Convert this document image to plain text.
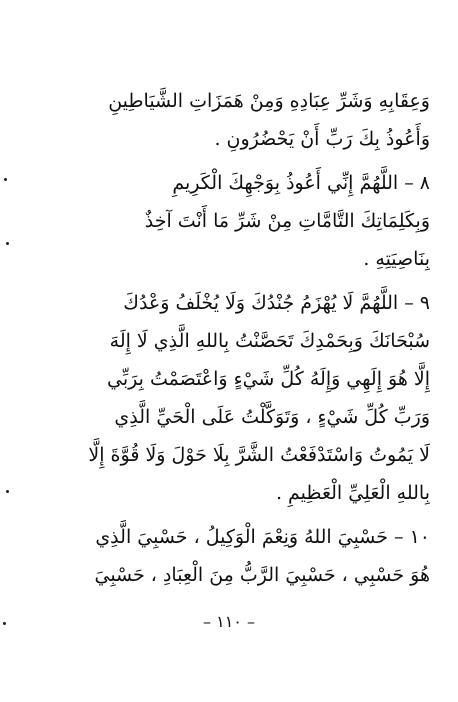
وَعِقَابِهِ وَشَرِّ عِبَادِهِ وَمِنْ هَمَزَاتِ الشَّيَاطِينِ
وَأَعُوذُ بِكَ رَبِّ أَنْ يَحْضُرُونِ .
٨ – اللَّهُمَّ إِنِّي أَعُوذُ بِوَجْهِكَ الْكَرِيمِ
وَبِكَلِمَاتِكَ التَّامَّاتِ مِنْ شَرِّ مَا أَنْتَ آخِذٌ
بِنَاصِيَتِهِ .
٩ – اللَّهُمَّ لَا يُهْزَمُ جُنْدُكَ وَلَا يُخْلَفُ وَعْدُكَ
سُبْحَانَكَ وَبِحَمْدِكَ تَحَصَّنْتُ بِاللهِ الَّذِي لَا إِلَهَ
إِلَّا هُوَ إِلَهِي وَإِلَهُ كُلِّ شَيْءٍ وَاعْتَصَمْتُ بِرَبِّي
وَرَبِّ كُلِّ شَيْءٍ ، وَتَوَكَّلْتُ عَلَى الْحَيِّ الَّذِي
لَا يَمُوتُ وَاسْتَدْفَعْتُ الشَّرَّ بِلَا حَوْلَ وَلَا قُوَّةَ إِلَّا
بِاللهِ الْعَلِيِّ الْعَظِيمِ .
١٠ – حَسْبِيَ اللهُ وَنِعْمَ الْوَكِيلُ ، حَسْبِيَ الَّذِي
هُوَ حَسْبِي ، حَسْبِيَ الرَّبُّ مِنَ الْعِبَادِ ، حَسْبِيَ
– ١١٠ –
